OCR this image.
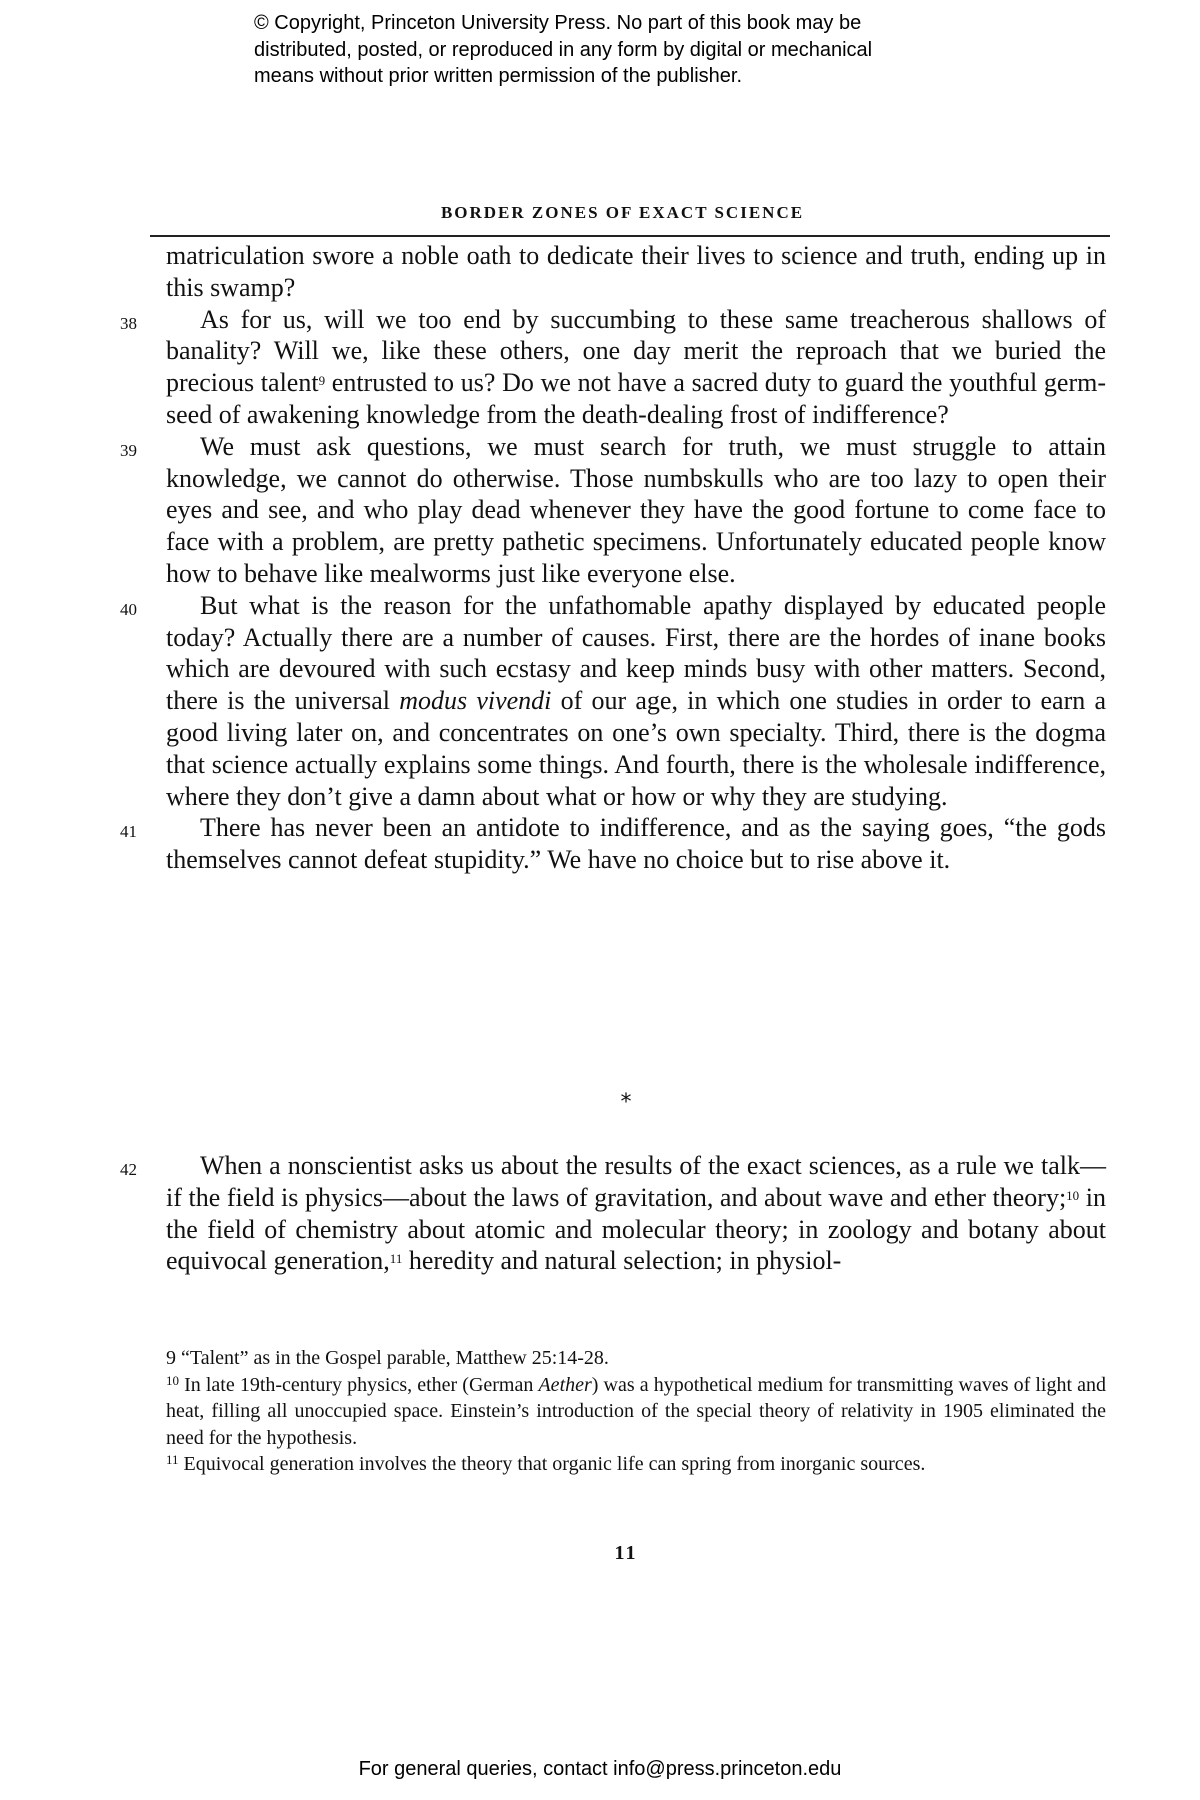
© Copyright, Princeton University Press. No part of this book may be
distributed, posted, or reproduced in any form by digital or mechanical
means without prior written permission of the publisher.
BORDER ZONES OF EXACT SCIENCE

matriculation swore a noble oath to dedicate their lives to science and truth, ending up in this swamp?

38 As for us, will we too end by succumbing to these same treacherous shallows of banality? Will we, like these others, one day merit the reproach that we buried the precious talent$^9$ entrusted to us? Do we not have a sacred duty to guard the youthful germ-seed of awakening knowledge from the death-dealing frost of indifference?

39 We must ask questions, we must search for truth, we must struggle to attain knowledge, we cannot do otherwise. Those numbskulls who are too lazy to open their eyes and see, and who play dead whenever they have the good fortune to come face to face with a problem, are pretty pathetic specimens. Unfortunately educated people know how to behave like mealworms just like everyone else.

40 But what is the reason for the unfathomable apathy displayed by educated people today? Actually there are a number of causes. First, there are the hordes of inane books which are devoured with such ecstasy and keep minds busy with other matters. Second, there is the universal modus vivendi of our age, in which one studies in order to earn a good living later on, and concentrates on one’s own specialty. Third, there is the dogma that science actually explains some things. And fourth, there is the wholesale indifference, where they don’t give a damn about what or how or why they are studying.

41 There has never been an antidote to indifference, and as the saying goes, “the gods themselves cannot defeat stupidity.” We have no choice but to rise above it.

*

42 When a nonscientist asks us about the results of the exact sciences, as a rule we talk—if the field is physics—about the laws of gravitation, and about wave and ether theory;$^{10}$ in the field of chemistry about atomic and molecular theory; in zoology and botany about equivocal generation,$^{11}$ heredity and natural selection; in physiol-

9 “Talent” as in the Gospel parable, Matthew 25:14-28.
$^{10}$ In late 19th-century physics, ether (German Aether) was a hypothetical medium for transmitting waves of light and heat, filling all unoccupied space. Einstein’s introduction of the special theory of relativity in 1905 eliminated the need for the hypothesis.
$^{11}$ Equivocal generation involves the theory that organic life can spring from inorganic sources.
11
For general queries, contact info@press.princeton.edu
